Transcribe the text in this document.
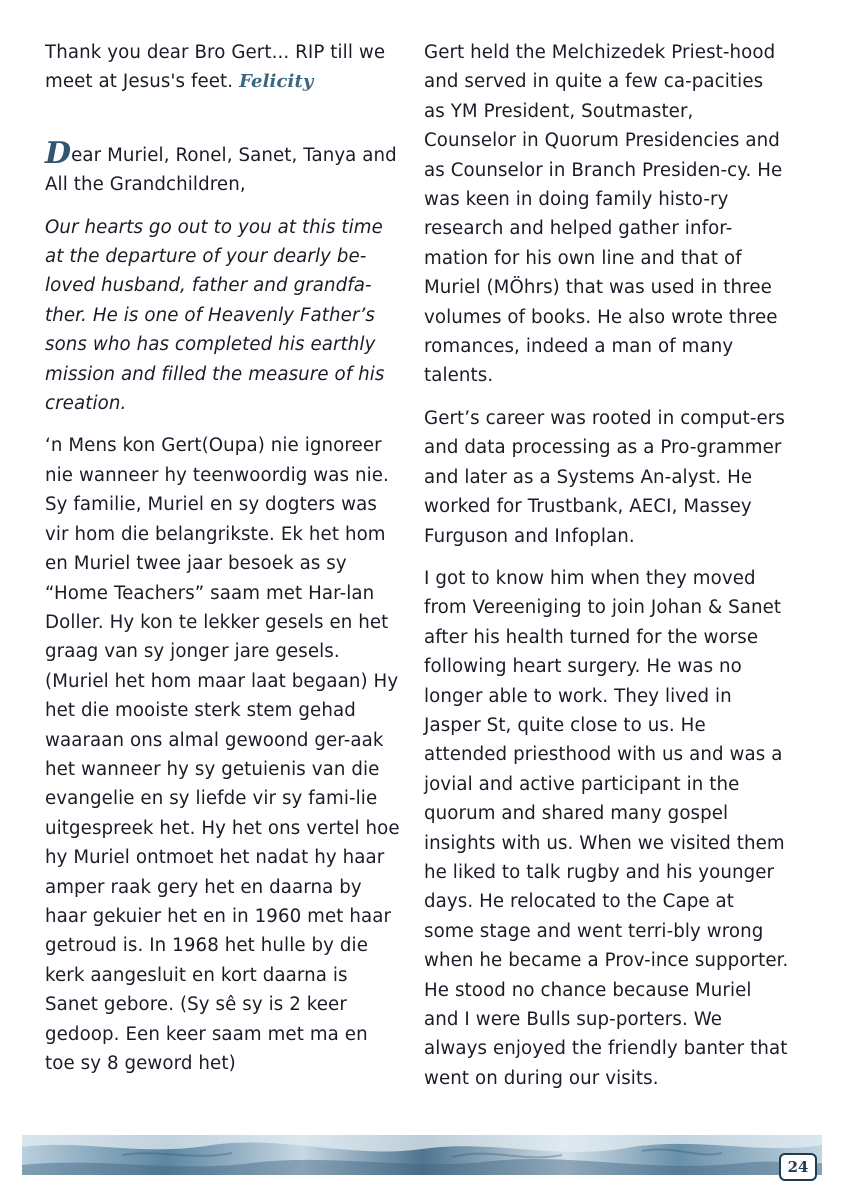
Thank you dear Bro Gert... RIP till we meet at Jesus's feet. Felicity

Dear Muriel, Ronel, Sanet, Tanya and All the Grandchildren,

Our hearts go out to you at this time at the departure of your dearly be-loved husband, father and grandfa-ther. He is one of Heavenly Father’s sons who has completed his earthly mission and filled the measure of his creation.

‘n Mens kon Gert(Oupa) nie ignoreer nie wanneer hy teenwoordig was nie. Sy familie, Muriel en sy dogters was vir hom die belangrikste. Ek het hom en Muriel twee jaar besoek as sy “Home Teachers” saam met Har-lan Doller. Hy kon te lekker gesels en het graag van sy jonger jare gesels. (Muriel het hom maar laat begaan) Hy het die mooiste sterk stem gehad waaraan ons almal gewoond ger-aak het wanneer hy sy getuienis van die evangelie en sy liefde vir sy fami-lie uitgespreek het. Hy het ons vertel hoe hy Muriel ontmoet het nadat hy haar amper raak gery het en daarna by haar gekuier het en in 1960 met haar getroud is. In 1968 het hulle by die kerk aangesluit en kort daarna is Sanet gebore. (Sy sê sy is 2 keer gedoop. Een keer saam met ma en toe sy 8 geword het)

Gert held the Melchizedek Priest-hood and served in quite a few ca-pacities as YM President, Soutmaster, Counselor in Quorum Presidencies and as Counselor in Branch Presiden-cy. He was keen in doing family histo-ry research and helped gather infor-mation for his own line and that of Muriel (MÖhrs) that was used in three volumes of books. He also wrote three romances, indeed a man of many talents.

Gert’s career was rooted in comput-ers and data processing as a Pro-grammer and later as a Systems An-alyst. He worked for Trustbank, AECI, Massey Furguson and Infoplan.

I got to know him when they moved from Vereeniging to join Johan & Sanet after his health turned for the worse following heart surgery. He was no longer able to work. They lived in Jasper St, quite close to us. He attended priesthood with us and was a jovial and active participant in the quorum and shared many gospel insights with us. When we visited them he liked to talk rugby and his younger days. He relocated to the Cape at some stage and went terri-bly wrong when he became a Prov-ince supporter. He stood no chance because Muriel and I were Bulls sup-porters. We always enjoyed the friendly banter that went on during our visits.

24
